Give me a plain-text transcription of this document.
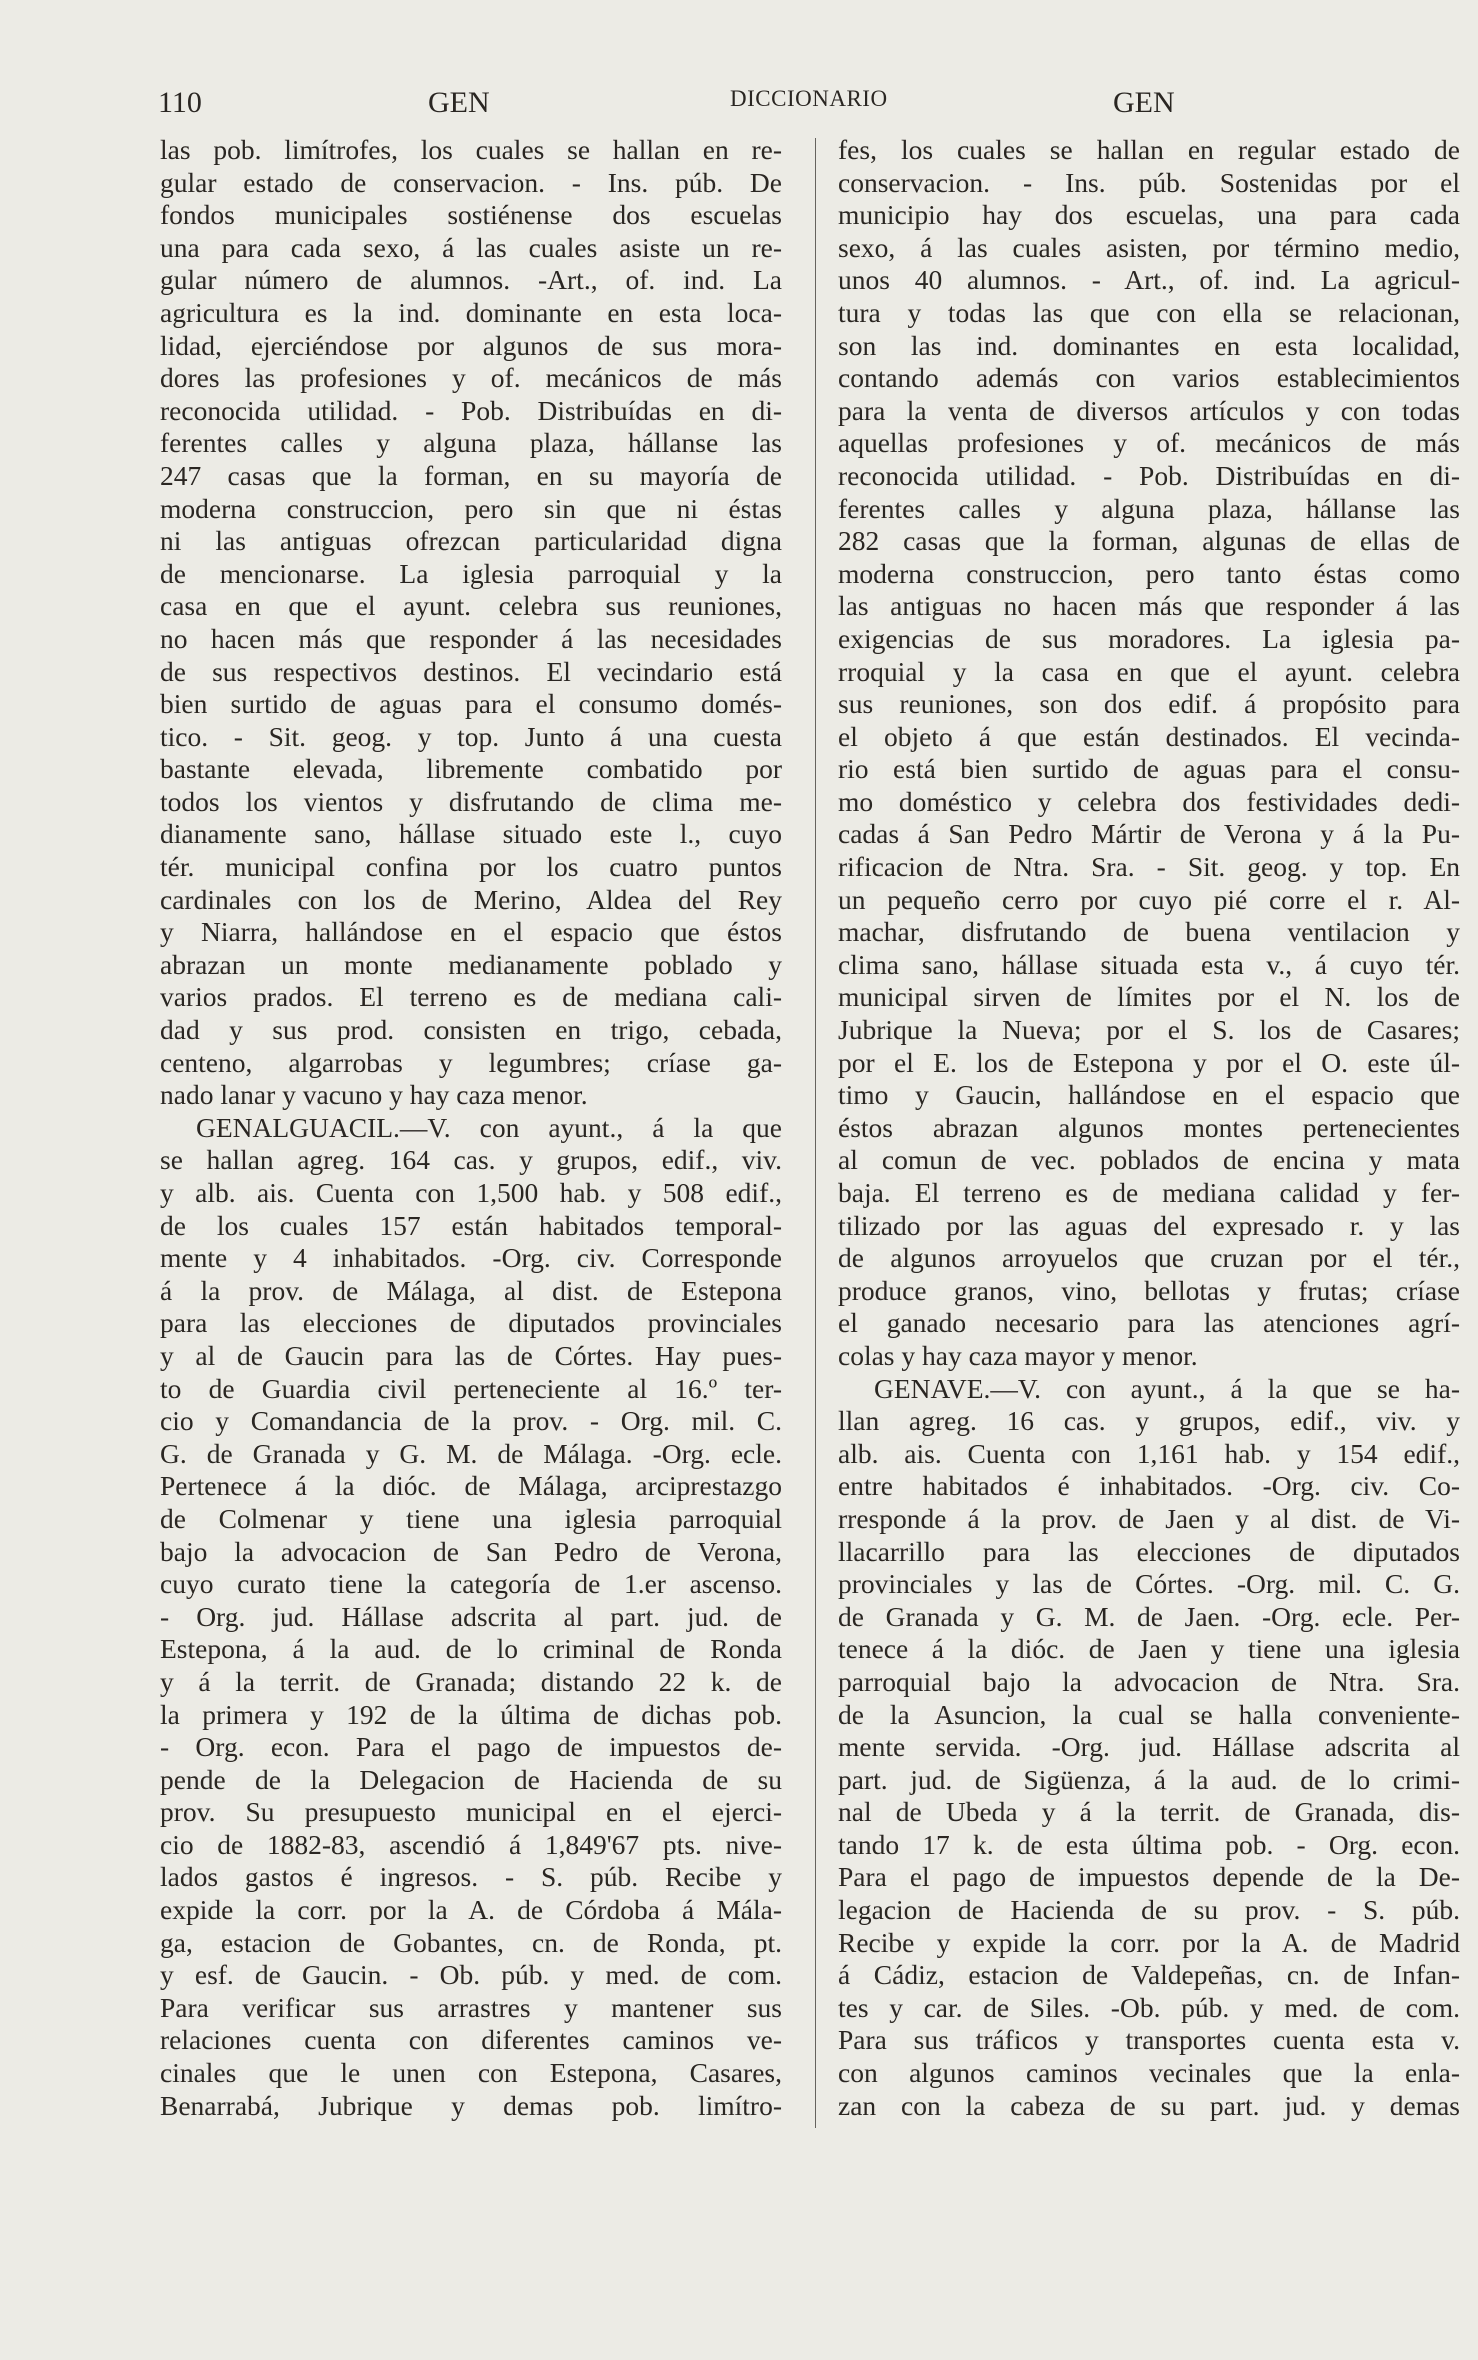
110	GEN	DICCIONARIO	GEN
las pob. limítrofes, los cuales se hallan en re-
gular estado de conservacion. - Ins. púb. De
fondos municipales sostiénense dos escuelas
una para cada sexo, á las cuales asiste un re-
gular número de alumnos. -Art., of. ind. La
agricultura es la ind. dominante en esta loca-
lidad, ejerciéndose por algunos de sus mora-
dores las profesiones y of. mecánicos de más
reconocida utilidad. - Pob. Distribuídas en di-
ferentes calles y alguna plaza, hállanse las
247 casas que la forman, en su mayoría de
moderna construccion, pero sin que ni éstas
ni las antiguas ofrezcan particularidad digna
de mencionarse. La iglesia parroquial y la
casa en que el ayunt. celebra sus reuniones,
no hacen más que responder á las necesidades
de sus respectivos destinos. El vecindario está
bien surtido de aguas para el consumo domés-
tico. - Sit. geog. y top. Junto á una cuesta
bastante elevada, libremente combatido por
todos los vientos y disfrutando de clima me-
dianamente sano, hállase situado este l., cuyo
tér. municipal confina por los cuatro puntos
cardinales con los de Merino, Aldea del Rey
y Niarra, hallándose en el espacio que éstos
abrazan un monte medianamente poblado y
varios prados. El terreno es de mediana cali-
dad y sus prod. consisten en trigo, cebada,
centeno, algarrobas y legumbres; críase ga-
nado lanar y vacuno y hay caza menor.
GENALGUACIL.—V. con ayunt., á la que
se hallan agreg. 164 cas. y grupos, edif., viv.
y alb. ais. Cuenta con 1,500 hab. y 508 edif.,
de los cuales 157 están habitados temporal-
mente y 4 inhabitados. -Org. civ. Corresponde
á la prov. de Málaga, al dist. de Estepona
para las elecciones de diputados provinciales
y al de Gaucin para las de Córtes. Hay pues-
to de Guardia civil perteneciente al 16.º ter-
cio y Comandancia de la prov. - Org. mil. C.
G. de Granada y G. M. de Málaga. -Org. ecle.
Pertenece á la dióc. de Málaga, arciprestazgo
de Colmenar y tiene una iglesia parroquial
bajo la advocacion de San Pedro de Verona,
cuyo curato tiene la categoría de 1.er ascenso.
- Org. jud. Hállase adscrita al part. jud. de
Estepona, á la aud. de lo criminal de Ronda
y á la territ. de Granada; distando 22 k. de
la primera y 192 de la última de dichas pob.
- Org. econ. Para el pago de impuestos de-
pende de la Delegacion de Hacienda de su
prov. Su presupuesto municipal en el ejerci-
cio de 1882-83, ascendió á 1,849'67 pts. nive-
lados gastos é ingresos. - S. púb. Recibe y
expide la corr. por la A. de Córdoba á Mála-
ga, estacion de Gobantes, cn. de Ronda, pt.
y esf. de Gaucin. - Ob. púb. y med. de com.
Para verificar sus arrastres y mantener sus
relaciones cuenta con diferentes caminos ve-
cinales que le unen con Estepona, Casares,
Benarrabá, Jubrique y demas pob. limítro-
fes, los cuales se hallan en regular estado de
conservacion. - Ins. púb. Sostenidas por el
municipio hay dos escuelas, una para cada
sexo, á las cuales asisten, por término medio,
unos 40 alumnos. - Art., of. ind. La agricul-
tura y todas las que con ella se relacionan,
son las ind. dominantes en esta localidad,
contando además con varios establecimientos
para la venta de diversos artículos y con todas
aquellas profesiones y of. mecánicos de más
reconocida utilidad. - Pob. Distribuídas en di-
ferentes calles y alguna plaza, hállanse las
282 casas que la forman, algunas de ellas de
moderna construccion, pero tanto éstas como
las antiguas no hacen más que responder á las
exigencias de sus moradores. La iglesia pa-
rroquial y la casa en que el ayunt. celebra
sus reuniones, son dos edif. á propósito para
el objeto á que están destinados. El vecinda-
rio está bien surtido de aguas para el consu-
mo doméstico y celebra dos festividades dedi-
cadas á San Pedro Mártir de Verona y á la Pu-
rificacion de Ntra. Sra. - Sit. geog. y top. En
un pequeño cerro por cuyo pié corre el r. Al-
machar, disfrutando de buena ventilacion y
clima sano, hállase situada esta v., á cuyo tér.
municipal sirven de límites por el N. los de
Jubrique la Nueva; por el S. los de Casares;
por el E. los de Estepona y por el O. este úl-
timo y Gaucin, hallándose en el espacio que
éstos abrazan algunos montes pertenecientes
al comun de vec. poblados de encina y mata
baja. El terreno es de mediana calidad y fer-
tilizado por las aguas del expresado r. y las
de algunos arroyuelos que cruzan por el tér.,
produce granos, vino, bellotas y frutas; críase
el ganado necesario para las atenciones agrí-
colas y hay caza mayor y menor.
GENAVE.—V. con ayunt., á la que se ha-
llan agreg. 16 cas. y grupos, edif., viv. y
alb. ais. Cuenta con 1,161 hab. y 154 edif.,
entre habitados é inhabitados. -Org. civ. Co-
rresponde á la prov. de Jaen y al dist. de Vi-
llacarrillo para las elecciones de diputados
provinciales y las de Córtes. -Org. mil. C. G.
de Granada y G. M. de Jaen. -Org. ecle. Per-
tenece á la dióc. de Jaen y tiene una iglesia
parroquial bajo la advocacion de Ntra. Sra.
de la Asuncion, la cual se halla conveniente-
mente servida. -Org. jud. Hállase adscrita al
part. jud. de Sigüenza, á la aud. de lo crimi-
nal de Ubeda y á la territ. de Granada, dis-
tando 17 k. de esta última pob. - Org. econ.
Para el pago de impuestos depende de la De-
legacion de Hacienda de su prov. - S. púb.
Recibe y expide la corr. por la A. de Madrid
á Cádiz, estacion de Valdepeñas, cn. de Infan-
tes y car. de Siles. -Ob. púb. y med. de com.
Para sus tráficos y transportes cuenta esta v.
con algunos caminos vecinales que la enla-
zan con la cabeza de su part. jud. y demas
